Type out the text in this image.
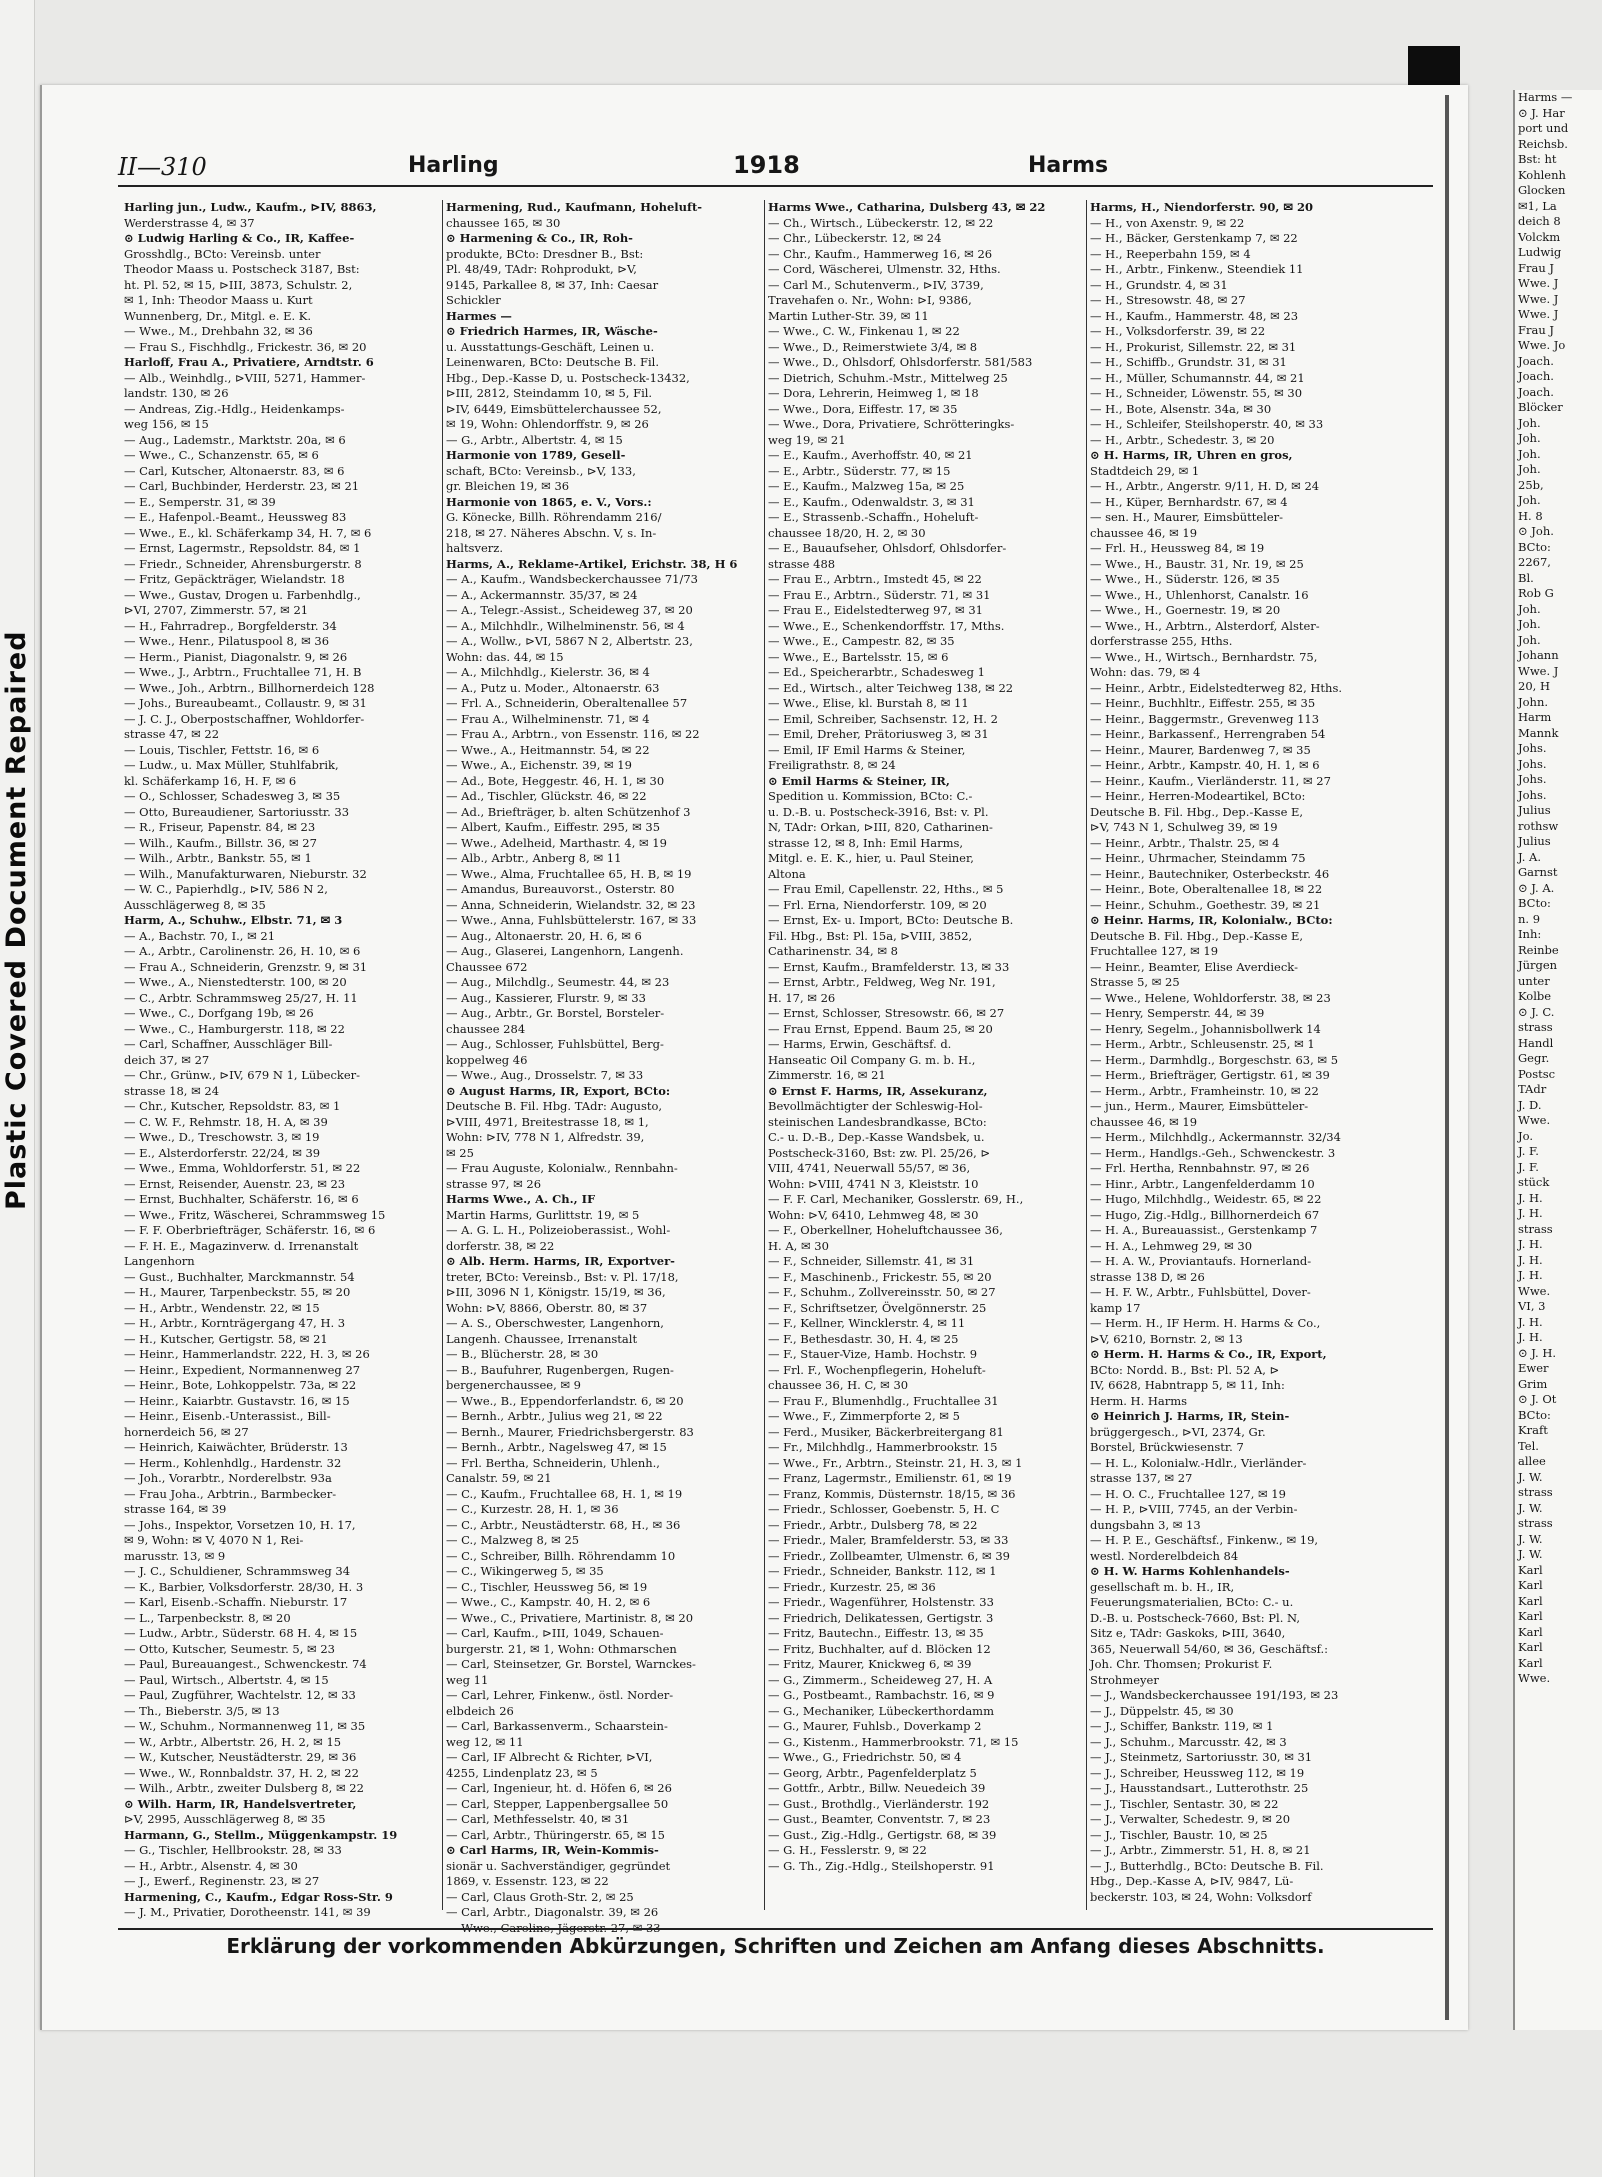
Plastic Covered Document Repaired
Harms —
⊙ J. Har
port und
Reichsb.
Bst: ht
Kohlenh
Glocken
✉1, La
deich 8
Volckm
Ludwig
Frau J
Wwe. J
Wwe. J
Wwe. J
Frau J
Wwe. Jo
Joach.
Joach.
Joach.
Blöcker
Joh.
Joh.
Joh.
Joh.
25b,
Joh.
H. 8
⊙ Joh.
BCto:
2267,
Bl.
Rob G
Joh.
Joh.
Joh.
Johann
Wwe. J
20, H
John.
Harm
Mannk
Johs.
Johs.
Johs.
Johs.
Julius
rothsw
Julius
J. A.
Garnst
⊙ J. A.
BCto:
n. 9
Inh:
Reinbe
Jürgen
unter
Kolbe
⊙ J. C.
strass
Handl
Gegr.
Postsc
TAdr
J. D.
Wwe.
Jo.
J. F.
J. F.
stück
J. H.
J. H.
strass
J. H.
J. H.
J. H.
Wwe.
VI, 3
J. H.
J. H.
⊙ J. H.
Ewer
Grim
⊙ J. Ot
BCto:
Kraft
Tel.
allee
J. W.
strass
J. W.
strass
J. W.
J. W.
Karl
Karl
Karl
Karl
Karl
Karl
Karl
Wwe.
II—310	Harling	1918	Harms
Harling jun., Ludw., Kaufm., ⊳IV, 8863,
Werderstrasse 4, ✉ 37
⊙ Ludwig Harling & Co., IR, Kaffee-
Grosshdlg., BCto: Vereinsb. unter
Theodor Maass u. Postscheck 3187, Bst:
ht. Pl. 52, ✉ 15, ⊳III, 3873, Schulstr. 2,
✉ 1, Inh: Theodor Maass u. Kurt
Wunnenberg, Dr., Mitgl. e. E. K.
— Wwe., M., Drehbahn 32, ✉ 36
— Frau S., Fischhdlg., Frickestr. 36, ✉ 20
Harloff, Frau A., Privatiere, Arndtstr. 6
— Alb., Weinhdlg., ⊳VIII, 5271, Hammer-
landstr. 130, ✉ 26
— Andreas, Zig.-Hdlg., Heidenkamps-
weg 156, ✉ 15
— Aug., Lademstr., Marktstr. 20a, ✉ 6
— Wwe., C., Schanzenstr. 65, ✉ 6
— Carl, Kutscher, Altonaerstr. 83, ✉ 6
— Carl, Buchbinder, Herderstr. 23, ✉ 21
— E., Semperstr. 31, ✉ 39
— E., Hafenpol.-Beamt., Heussweg 83
— Wwe., E., kl. Schäferkamp 34, H. 7, ✉ 6
— Ernst, Lagermstr., Repsoldstr. 84, ✉ 1
— Friedr., Schneider, Ahrensburgerstr. 8
— Fritz, Gepäckträger, Wielandstr. 18
— Wwe., Gustav, Drogen u. Farbenhdlg.,
⊳VI, 2707, Zimmerstr. 57, ✉ 21
— H., Fahrradrep., Borgfelderstr. 34
— Wwe., Henr., Pilatuspool 8, ✉ 36
— Herm., Pianist, Diagonalstr. 9, ✉ 26
— Wwe., J., Arbtrn., Fruchtallee 71, H. B
— Wwe., Joh., Arbtrn., Billhornerdeich 128
— Johs., Bureaubeamt., Collaustr. 9, ✉ 31
— J. C. J., Oberpostschaffner, Wohldorfer-
strasse 47, ✉ 22
— Louis, Tischler, Fettstr. 16, ✉ 6
— Ludw., u. Max Müller, Stuhlfabrik,
kl. Schäferkamp 16, H. F, ✉ 6
— O., Schlosser, Schadesweg 3, ✉ 35
— Otto, Bureaudiener, Sartoriusstr. 33
— R., Friseur, Papenstr. 84, ✉ 23
— Wilh., Kaufm., Billstr. 36, ✉ 27
— Wilh., Arbtr., Bankstr. 55, ✉ 1
— Wilh., Manufakturwaren, Nieburstr. 32
— W. C., Papierhdlg., ⊳IV, 586 N 2,
Ausschlägerweg 8, ✉ 35
Harm, A., Schuhw., Elbstr. 71, ✉ 3
— A., Bachstr. 70, I., ✉ 21
— A., Arbtr., Carolinenstr. 26, H. 10, ✉ 6
— Frau A., Schneiderin, Grenzstr. 9, ✉ 31
— Wwe., A., Nienstedterstr. 100, ✉ 20
— C., Arbtr. Schrammsweg 25/27, H. 11
— Wwe., C., Dorfgang 19b, ✉ 26
— Wwe., C., Hamburgerstr. 118, ✉ 22
— Carl, Schaffner, Ausschläger Bill-
deich 37, ✉ 27
— Chr., Grünw., ⊳IV, 679 N 1, Lübecker-
strasse 18, ✉ 24
— Chr., Kutscher, Repsoldstr. 83, ✉ 1
— C. W. F., Rehmstr. 18, H. A, ✉ 39
— Wwe., D., Treschowstr. 3, ✉ 19
— E., Alsterdorferstr. 22/24, ✉ 39
— Wwe., Emma, Wohldorferstr. 51, ✉ 22
— Ernst, Reisender, Auenstr. 23, ✉ 23
— Ernst, Buchhalter, Schäferstr. 16, ✉ 6
— Wwe., Fritz, Wäscherei, Schrammsweg 15
— F. F. Oberbriefträger, Schäferstr. 16, ✉ 6
— F. H. E., Magazinverw. d. Irrenanstalt
Langenhorn
— Gust., Buchhalter, Marckmannstr. 54
— H., Maurer, Tarpenbeckstr. 55, ✉ 20
— H., Arbtr., Wendenstr. 22, ✉ 15
— H., Arbtr., Kornträgergang 47, H. 3
— H., Kutscher, Gertigstr. 58, ✉ 21
— Heinr., Hammerlandstr. 222, H. 3, ✉ 26
— Heinr., Expedient, Normannenweg 27
— Heinr., Bote, Lohkoppelstr. 73a, ✉ 22
— Heinr., Kaiarbtr. Gustavstr. 16, ✉ 15
— Heinr., Eisenb.-Unterassist., Bill-
hornerdeich 56, ✉ 27
— Heinrich, Kaiwächter, Brüderstr. 13
— Herm., Kohlenhdlg., Hardenstr. 32
— Joh., Vorarbtr., Norderelbstr. 93a
— Frau Joha., Arbtrin., Barmbecker-
strasse 164, ✉ 39
— Johs., Inspektor, Vorsetzen 10, H. 17,
✉ 9, Wohn: ✉ V, 4070 N 1, Rei-
marusstr. 13, ✉ 9
— J. C., Schuldiener, Schrammsweg 34
— K., Barbier, Volksdorferstr. 28/30, H. 3
— Karl, Eisenb.-Schaffn. Nieburstr. 17
— L., Tarpenbeckstr. 8, ✉ 20
— Ludw., Arbtr., Süderstr. 68 H. 4, ✉ 15
— Otto, Kutscher, Seumestr. 5, ✉ 23
— Paul, Bureauangest., Schwenckestr. 74
— Paul, Wirtsch., Albertstr. 4, ✉ 15
— Paul, Zugführer, Wachtelstr. 12, ✉ 33
— Th., Bieberstr. 3/5, ✉ 13
— W., Schuhm., Normannenweg 11, ✉ 35
— W., Arbtr., Albertstr. 26, H. 2, ✉ 15
— W., Kutscher, Neustädterstr. 29, ✉ 36
— Wwe., W., Ronnbaldstr. 37, H. 2, ✉ 22
— Wilh., Arbtr., zweiter Dulsberg 8, ✉ 22
⊙ Wilh. Harm, IR, Handelsvertreter,
⊳V, 2995, Ausschlägerweg 8, ✉ 35
Harmann, G., Stellm., Müggenkampstr. 19
— G., Tischler, Hellbrookstr. 28, ✉ 33
— H., Arbtr., Alsenstr. 4, ✉ 30
— J., Ewerf., Reginenstr. 23, ✉ 27
Harmening, C., Kaufm., Edgar Ross-Str. 9
— J. M., Privatier, Dorotheenstr. 141, ✉ 39
Harmening, Rud., Kaufmann, Hoheluft-
chaussee 165, ✉ 30
⊙ Harmening & Co., IR, Roh-
produkte, BCto: Dresdner B., Bst:
Pl. 48/49, TAdr: Rohprodukt, ⊳V,
9145, Parkallee 8, ✉ 37, Inh: Caesar
Schickler
Harmes —
⊙ Friedrich Harmes, IR, Wäsche-
u. Ausstattungs-Geschäft, Leinen u.
Leinenwaren, BCto: Deutsche B. Fil.
Hbg., Dep.-Kasse D, u. Postscheck-13432,
⊳III, 2812, Steindamm 10, ✉ 5, Fil.
⊳IV, 6449, Eimsbüttelerchaussee 52,
✉ 19, Wohn: Ohlendorffstr. 9, ✉ 26
— G., Arbtr., Albertstr. 4, ✉ 15
Harmonie von 1789, Gesell-
schaft, BCto: Vereinsb., ⊳V, 133,
gr. Bleichen 19, ✉ 36
Harmonie von 1865, e. V., Vors.:
G. Könecke, Billh. Röhrendamm 216/
218, ✉ 27. Näheres Abschn. V, s. In-
haltsverz.
Harms, A., Reklame-Artikel, Erichstr. 38, H 6
— A., Kaufm., Wandsbeckerchaussee 71/73
— A., Ackermannstr. 35/37, ✉ 24
— A., Telegr.-Assist., Scheideweg 37, ✉ 20
— A., Milchhdlr., Wilhelminenstr. 56, ✉ 4
— A., Wollw., ⊳VI, 5867 N 2, Albertstr. 23,
Wohn: das. 44, ✉ 15
— A., Milchhdlg., Kielerstr. 36, ✉ 4
— A., Putz u. Moder., Altonaerstr. 63
— Frl. A., Schneiderin, Oberaltenallee 57
— Frau A., Wilhelminenstr. 71, ✉ 4
— Frau A., Arbtrn., von Essenstr. 116, ✉ 22
— Wwe., A., Heitmannstr. 54, ✉ 22
— Wwe., A., Eichenstr. 39, ✉ 19
— Ad., Bote, Heggestr. 46, H. 1, ✉ 30
— Ad., Tischler, Glückstr. 46, ✉ 22
— Ad., Briefträger, b. alten Schützenhof 3
— Albert, Kaufm., Eiffestr. 295, ✉ 35
— Wwe., Adelheid, Marthastr. 4, ✉ 19
— Alb., Arbtr., Anberg 8, ✉ 11
— Wwe., Alma, Fruchtallee 65, H. B, ✉ 19
— Amandus, Bureauvorst., Osterstr. 80
— Anna, Schneiderin, Wielandstr. 32, ✉ 23
— Wwe., Anna, Fuhlsbüttelerstr. 167, ✉ 33
— Aug., Altonaerstr. 20, H. 6, ✉ 6
— Aug., Glaserei, Langenhorn, Langenh.
Chaussee 672
— Aug., Milchdlg., Seumestr. 44, ✉ 23
— Aug., Kassierer, Flurstr. 9, ✉ 33
— Aug., Arbtr., Gr. Borstel, Borsteler-
chaussee 284
— Aug., Schlosser, Fuhlsbüttel, Berg-
koppelweg 46
— Wwe., Aug., Drosselstr. 7, ✉ 33
⊙ August Harms, IR, Export, BCto:
Deutsche B. Fil. Hbg. TAdr: Augusto,
⊳VIII, 4971, Breitestrasse 18, ✉ 1,
Wohn: ⊳IV, 778 N 1, Alfredstr. 39,
✉ 25
— Frau Auguste, Kolonialw., Rennbahn-
strasse 97, ✉ 26
Harms Wwe., A. Ch., IF
Martin Harms, Gurlittstr. 19, ✉ 5
— A. G. L. H., Polizeioberassist., Wohl-
dorferstr. 38, ✉ 22
⊙ Alb. Herm. Harms, IR, Exportver-
treter, BCto: Vereinsb., Bst: v. Pl. 17/18,
⊳III, 3096 N 1, Königstr. 15/19, ✉ 36,
Wohn: ⊳V, 8866, Oberstr. 80, ✉ 37
— A. S., Oberschwester, Langenhorn,
Langenh. Chaussee, Irrenanstalt
— B., Blücherstr. 28, ✉ 30
— B., Baufuhrer, Rugenbergen, Rugen-
bergenerchaussee, ✉ 9
— Wwe., B., Eppendorferlandstr. 6, ✉ 20
— Bernh., Arbtr., Julius weg 21, ✉ 22
— Bernh., Maurer, Friedrichsbergerstr. 83
— Bernh., Arbtr., Nagelsweg 47, ✉ 15
— Frl. Bertha, Schneiderin, Uhlenh.,
Canalstr. 59, ✉ 21
— C., Kaufm., Fruchtallee 68, H. 1, ✉ 19
— C., Kurzestr. 28, H. 1, ✉ 36
— C., Arbtr., Neustädterstr. 68, H., ✉ 36
— C., Malzweg 8, ✉ 25
— C., Schreiber, Billh. Röhrendamm 10
— C., Wikingerweg 5, ✉ 35
— C., Tischler, Heussweg 56, ✉ 19
— Wwe., C., Kampstr. 40, H. 2, ✉ 6
— Wwe., C., Privatiere, Martinistr. 8, ✉ 20
— Carl, Kaufm., ⊳III, 1049, Schauen-
burgerstr. 21, ✉ 1, Wohn: Othmarschen
— Carl, Steinsetzer, Gr. Borstel, Warnckes-
weg 11
— Carl, Lehrer, Finkenw., östl. Norder-
elbdeich 26
— Carl, Barkassenverm., Schaarstein-
weg 12, ✉ 11
— Carl, IF Albrecht & Richter, ⊳VI,
4255, Lindenplatz 23, ✉ 5
— Carl, Ingenieur, ht. d. Höfen 6, ✉ 26
— Carl, Stepper, Lappenbergsallee 50
— Carl, Methfesselstr. 40, ✉ 31
— Carl, Arbtr., Thüringerstr. 65, ✉ 15
⊙ Carl Harms, IR, Wein-Kommis-
sionär u. Sachverständiger, gegründet
1869, v. Essenstr. 123, ✉ 22
— Carl, Claus Groth-Str. 2, ✉ 25
— Carl, Arbtr., Diagonalstr. 39, ✉ 26
— Wwe., Caroline, Jägerstr. 27, ✉ 33
Harms Wwe., Catharina, Dulsberg 43, ✉ 22
— Ch., Wirtsch., Lübeckerstr. 12, ✉ 22
— Chr., Lübeckerstr. 12, ✉ 24
— Chr., Kaufm., Hammerweg 16, ✉ 26
— Cord, Wäscherei, Ulmenstr. 32, Hths.
— Carl M., Schutenverm., ⊳IV, 3739,
Travehafen o. Nr., Wohn: ⊳I, 9386,
Martin Luther-Str. 39, ✉ 11
— Wwe., C. W., Finkenau 1, ✉ 22
— Wwe., D., Reimerstwiete 3/4, ✉ 8
— Wwe., D., Ohlsdorf, Ohlsdorferstr. 581/583
— Dietrich, Schuhm.-Mstr., Mittelweg 25
— Dora, Lehrerin, Heimweg 1, ✉ 18
— Wwe., Dora, Eiffestr. 17, ✉ 35
— Wwe., Dora, Privatiere, Schrötteringks-
weg 19, ✉ 21
— E., Kaufm., Averhoffstr. 40, ✉ 21
— E., Arbtr., Süderstr. 77, ✉ 15
— E., Kaufm., Malzweg 15a, ✉ 25
— E., Kaufm., Odenwaldstr. 3, ✉ 31
— E., Strassenb.-Schaffn., Hoheluft-
chaussee 18/20, H. 2, ✉ 30
— E., Bauaufseher, Ohlsdorf, Ohlsdorfer-
strasse 488
— Frau E., Arbtrn., Imstedt 45, ✉ 22
— Frau E., Arbtrn., Süderstr. 71, ✉ 31
— Frau E., Eidelstedterweg 97, ✉ 31
— Wwe., E., Schenkendorffstr. 17, Mths.
— Wwe., E., Campestr. 82, ✉ 35
— Wwe., E., Bartelsstr. 15, ✉ 6
— Ed., Speicherarbtr., Schadesweg 1
— Ed., Wirtsch., alter Teichweg 138, ✉ 22
— Wwe., Elise, kl. Burstah 8, ✉ 11
— Emil, Schreiber, Sachsenstr. 12, H. 2
— Emil, Dreher, Prätoriusweg 3, ✉ 31
— Emil, IF Emil Harms & Steiner,
Freiligrathstr. 8, ✉ 24
⊙ Emil Harms & Steiner, IR,
Spedition u. Kommission, BCto: C.-
u. D.-B. u. Postscheck-3916, Bst: v. Pl.
N, TAdr: Orkan, ⊳III, 820, Catharinen-
strasse 12, ✉ 8, Inh: Emil Harms,
Mitgl. e. E. K., hier, u. Paul Steiner,
Altona
— Frau Emil, Capellenstr. 22, Hths., ✉ 5
— Frl. Erna, Niendorferstr. 109, ✉ 20
— Ernst, Ex- u. Import, BCto: Deutsche B.
Fil. Hbg., Bst: Pl. 15a, ⊳VIII, 3852,
Catharinenstr. 34, ✉ 8
— Ernst, Kaufm., Bramfelderstr. 13, ✉ 33
— Ernst, Arbtr., Feldweg, Weg Nr. 191,
H. 17, ✉ 26
— Ernst, Schlosser, Stresowstr. 66, ✉ 27
— Frau Ernst, Eppend. Baum 25, ✉ 20
— Harms, Erwin, Geschäftsf. d.
Hanseatic Oil Company G. m. b. H.,
Zimmerstr. 16, ✉ 21
⊙ Ernst F. Harms, IR, Assekuranz,
Bevollmächtigter der Schleswig-Hol-
steinischen Landesbrandkasse, BCto:
C.- u. D.-B., Dep.-Kasse Wandsbek, u.
Postscheck-3160, Bst: zw. Pl. 25/26, ⊳
VIII, 4741, Neuerwall 55/57, ✉ 36,
Wohn: ⊳VIII, 4741 N 3, Kleiststr. 10
— F. F. Carl, Mechaniker, Gosslerstr. 69, H.,
Wohn: ⊳V, 6410, Lehmweg 48, ✉ 30
— F., Oberkellner, Hoheluftchaussee 36,
H. A, ✉ 30
— F., Schneider, Sillemstr. 41, ✉ 31
— F., Maschinenb., Frickestr. 55, ✉ 20
— F., Schuhm., Zollvereinsstr. 50, ✉ 27
— F., Schriftsetzer, Övelgönnerstr. 25
— F., Kellner, Wincklerstr. 4, ✉ 11
— F., Bethesdastr. 30, H. 4, ✉ 25
— F., Stauer-Vize, Hamb. Hochstr. 9
— Frl. F., Wochenpflegerin, Hoheluft-
chaussee 36, H. C, ✉ 30
— Frau F., Blumenhdlg., Fruchtallee 31
— Wwe., F., Zimmerpforte 2, ✉ 5
— Ferd., Musiker, Bäckerbreitergang 81
— Fr., Milchhdlg., Hammerbrookstr. 15
— Wwe., Fr., Arbtrn., Steinstr. 21, H. 3, ✉ 1
— Franz, Lagermstr., Emilienstr. 61, ✉ 19
— Franz, Kommis, Düsternstr. 18/15, ✉ 36
— Friedr., Schlosser, Goebenstr. 5, H. C
— Friedr., Arbtr., Dulsberg 78, ✉ 22
— Friedr., Maler, Bramfelderstr. 53, ✉ 33
— Friedr., Zollbeamter, Ulmenstr. 6, ✉ 39
— Friedr., Schneider, Bankstr. 112, ✉ 1
— Friedr., Kurzestr. 25, ✉ 36
— Friedr., Wagenführer, Holstenstr. 33
— Friedrich, Delikatessen, Gertigstr. 3
— Fritz, Bautechn., Eiffestr. 13, ✉ 35
— Fritz, Buchhalter, auf d. Blöcken 12
— Fritz, Maurer, Knickweg 6, ✉ 39
— G., Zimmerm., Scheideweg 27, H. A
— G., Postbeamt., Rambachstr. 16, ✉ 9
— G., Mechaniker, Lübeckerthordamm
— G., Maurer, Fuhlsb., Doverkamp 2
— G., Kistenm., Hammerbrookstr. 71, ✉ 15
— Wwe., G., Friedrichstr. 50, ✉ 4
— Georg, Arbtr., Pagenfelderplatz 5
— Gottfr., Arbtr., Billw. Neuedeich 39
— Gust., Brothdlg., Vierländerstr. 192
— Gust., Beamter, Conventstr. 7, ✉ 23
— Gust., Zig.-Hdlg., Gertigstr. 68, ✉ 39
— G. H., Fesslerstr. 9, ✉ 22
— G. Th., Zig.-Hdlg., Steilshoperstr. 91
Harms, H., Niendorferstr. 90, ✉ 20
— H., von Axenstr. 9, ✉ 22
— H., Bäcker, Gerstenkamp 7, ✉ 22
— H., Reeperbahn 159, ✉ 4
— H., Arbtr., Finkenw., Steendiek 11
— H., Grundstr. 4, ✉ 31
— H., Stresowstr. 48, ✉ 27
— H., Kaufm., Hammerstr. 48, ✉ 23
— H., Volksdorferstr. 39, ✉ 22
— H., Prokurist, Sillemstr. 22, ✉ 31
— H., Schiffb., Grundstr. 31, ✉ 31
— H., Müller, Schumannstr. 44, ✉ 21
— H., Schneider, Löwenstr. 55, ✉ 30
— H., Bote, Alsenstr. 34a, ✉ 30
— H., Schleifer, Steilshoperstr. 40, ✉ 33
— H., Arbtr., Schedestr. 3, ✉ 20
⊙ H. Harms, IR, Uhren en gros,
Stadtdeich 29, ✉ 1
— H., Arbtr., Angerstr. 9/11, H. D, ✉ 24
— H., Küper, Bernhardstr. 67, ✉ 4
— sen. H., Maurer, Eimsbütteler-
chaussee 46, ✉ 19
— Frl. H., Heussweg 84, ✉ 19
— Wwe., H., Baustr. 31, Nr. 19, ✉ 25
— Wwe., H., Süderstr. 126, ✉ 35
— Wwe., H., Uhlenhorst, Canalstr. 16
— Wwe., H., Goernestr. 19, ✉ 20
— Wwe., H., Arbtrn., Alsterdorf, Alster-
dorferstrasse 255, Hths.
— Wwe., H., Wirtsch., Bernhardstr. 75,
Wohn: das. 79, ✉ 4
— Heinr., Arbtr., Eidelstedterweg 82, Hths.
— Heinr., Buchhltr., Eiffestr. 255, ✉ 35
— Heinr., Baggermstr., Grevenweg 113
— Heinr., Barkassenf., Herrengraben 54
— Heinr., Maurer, Bardenweg 7, ✉ 35
— Heinr., Arbtr., Kampstr. 40, H. 1, ✉ 6
— Heinr., Kaufm., Vierländerstr. 11, ✉ 27
— Heinr., Herren-Modeartikel, BCto:
Deutsche B. Fil. Hbg., Dep.-Kasse E,
⊳V, 743 N 1, Schulweg 39, ✉ 19
— Heinr., Arbtr., Thalstr. 25, ✉ 4
— Heinr., Uhrmacher, Steindamm 75
— Heinr., Bautechniker, Osterbeckstr. 46
— Heinr., Bote, Oberaltenallee 18, ✉ 22
— Heinr., Schuhm., Goethestr. 39, ✉ 21
⊙ Heinr. Harms, IR, Kolonialw., BCto:
Deutsche B. Fil. Hbg., Dep.-Kasse E,
Fruchtallee 127, ✉ 19
— Heinr., Beamter, Elise Averdieck-
Strasse 5, ✉ 25
— Wwe., Helene, Wohldorferstr. 38, ✉ 23
— Henry, Semperstr. 44, ✉ 39
— Henry, Segelm., Johannisbollwerk 14
— Herm., Arbtr., Schleusenstr. 25, ✉ 1
— Herm., Darmhdlg., Borgeschstr. 63, ✉ 5
— Herm., Briefträger, Gertigstr. 61, ✉ 39
— Herm., Arbtr., Framheinstr. 10, ✉ 22
— jun., Herm., Maurer, Eimsbütteler-
chaussee 46, ✉ 19
— Herm., Milchhdlg., Ackermannstr. 32/34
— Herm., Handlgs.-Geh., Schwenckestr. 3
— Frl. Hertha, Rennbahnstr. 97, ✉ 26
— Hinr., Arbtr., Langenfelderdamm 10
— Hugo, Milchhdlg., Weidestr. 65, ✉ 22
— Hugo, Zig.-Hdlg., Billhornerdeich 67
— H. A., Bureauassist., Gerstenkamp 7
— H. A., Lehmweg 29, ✉ 30
— H. A. W., Proviantaufs. Hornerland-
strasse 138 D, ✉ 26
— H. F. W., Arbtr., Fuhlsbüttel, Dover-
kamp 17
— Herm. H., IF Herm. H. Harms & Co.,
⊳V, 6210, Bornstr. 2, ✉ 13
⊙ Herm. H. Harms & Co., IR, Export,
BCto: Nordd. B., Bst: Pl. 52 A, ⊳
IV, 6628, Habntrapp 5, ✉ 11, Inh:
Herm. H. Harms
⊙ Heinrich J. Harms, IR, Stein-
brüggergesch., ⊳VI, 2374, Gr.
Borstel, Brückwiesenstr. 7
— H. L., Kolonialw.-Hdlr., Vierländer-
strasse 137, ✉ 27
— H. O. C., Fruchtallee 127, ✉ 19
— H. P., ⊳VIII, 7745, an der Verbin-
dungsbahn 3, ✉ 13
— H. P. E., Geschäftsf., Finkenw., ✉ 19,
westl. Norderelbdeich 84
⊙ H. W. Harms Kohlenhandels-
gesellschaft m. b. H., IR,
Feuerungsmaterialien, BCto: C.- u.
D.-B. u. Postscheck-7660, Bst: Pl. N,
Sitz e, TAdr: Gaskoks, ⊳III, 3640,
365, Neuerwall 54/60, ✉ 36, Geschäftsf.:
Joh. Chr. Thomsen; Prokurist F.
Strohmeyer
— J., Wandsbeckerchaussee 191/193, ✉ 23
— J., Düppelstr. 45, ✉ 30
— J., Schiffer, Bankstr. 119, ✉ 1
— J., Schuhm., Marcusstr. 42, ✉ 3
— J., Steinmetz, Sartoriusstr. 30, ✉ 31
— J., Schreiber, Heussweg 112, ✉ 19
— J., Hausstandsart., Lutterothstr. 25
— J., Tischler, Sentastr. 30, ✉ 22
— J., Verwalter, Schedestr. 9, ✉ 20
— J., Tischler, Baustr. 10, ✉ 25
— J., Arbtr., Zimmerstr. 51, H. 8, ✉ 21
— J., Butterhdlg., BCto: Deutsche B. Fil.
Hbg., Dep.-Kasse A, ⊳IV, 9847, Lü-
beckerstr. 103, ✉ 24, Wohn: Volksdorf
Erklärung der vorkommenden Abkürzungen, Schriften und Zeichen am Anfang dieses Abschnitts.
